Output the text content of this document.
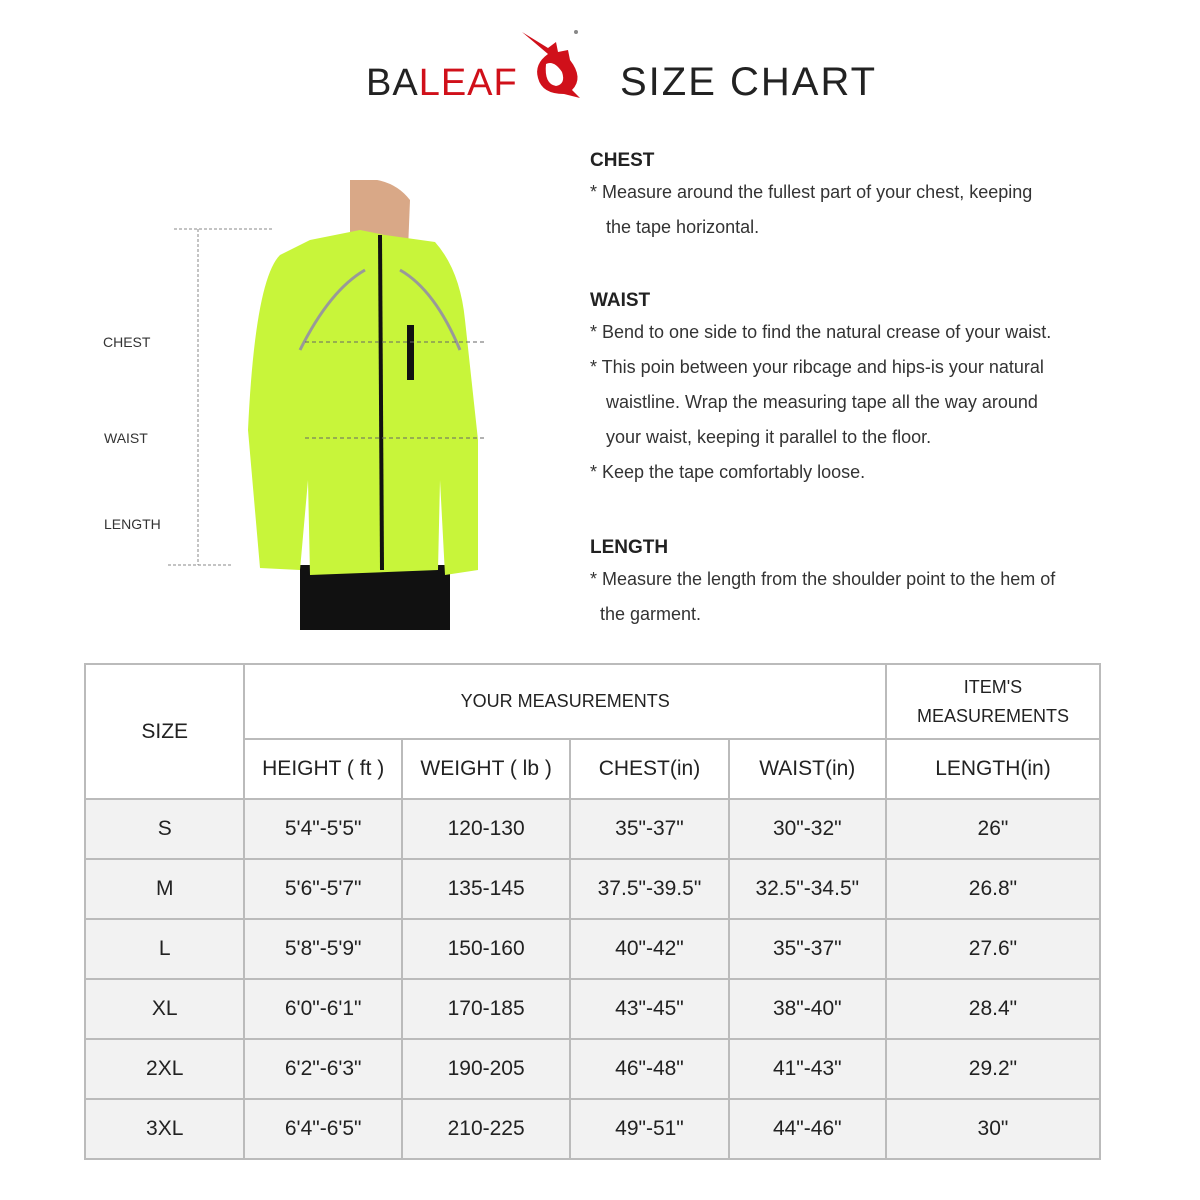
BALEAF	SIZE CHART
CHEST
WAIST
LENGTH
CHEST
* Measure around the fullest part of your chest, keeping
the tape horizontal.
WAIST
* Bend to one side to find the natural crease of your waist.
* This poin between your ribcage and hips-is your natural
waistline. Wrap the measuring tape all the way around
your waist, keeping it parallel to the floor.
* Keep the tape comfortably loose.
LENGTH
* Measure the length from the shoulder point to the hem of
the garment.
SIZE	YOUR MEASUREMENTS				ITEM'S MEASUREMENTS
	HEIGHT ( ft )	WEIGHT ( lb )	CHEST(in)	WAIST(in)	LENGTH(in)
S	5'4"-5'5"	120-130	35"-37"	30"-32"	26"
M	5'6"-5'7"	135-145	37.5"-39.5"	32.5"-34.5"	26.8"
L	5'8"-5'9"	150-160	40"-42"	35"-37"	27.6"
XL	6'0"-6'1"	170-185	43"-45"	38"-40"	28.4"
2XL	6'2"-6'3"	190-205	46"-48"	41"-43"	29.2"
3XL	6'4"-6'5"	210-225	49"-51"	44"-46"	30"
